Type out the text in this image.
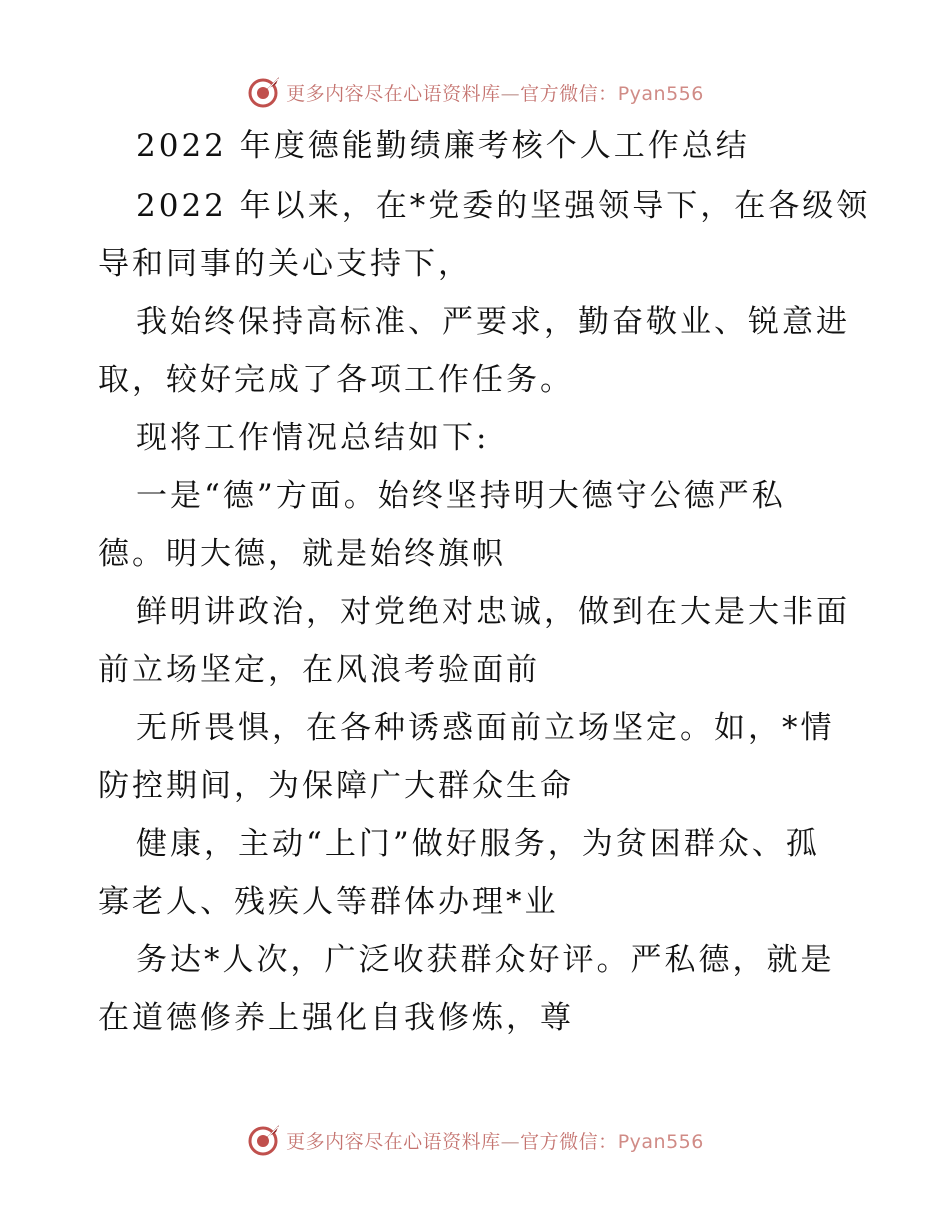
更多内容尽在心语资料库—官方微信：Pyan556
2022 年度德能勤绩廉考核个人工作总结
2022 年以来，在*党委的坚强领导下，在各级领
导和同事的关心支持下，
我始终保持高标准、严要求，勤奋敬业、锐意进
取，较好完成了各项工作任务。
现将工作情况总结如下:
一是“德”方面。始终坚持明大德守公德严私
德。明大德，就是始终旗帜
鲜明讲政治，对党绝对忠诚，做到在大是大非面
前立场坚定，在风浪考验面前
无所畏惧，在各种诱惑面前立场坚定。如，*情
防控期间，为保障广大群众生命
健康，主动“上门”做好服务，为贫困群众、孤
寡老人、残疾人等群体办理*业
务达*人次，广泛收获群众好评。严私德，就是
在道德修养上强化自我修炼，尊
更多内容尽在心语资料库—官方微信：Pyan556
